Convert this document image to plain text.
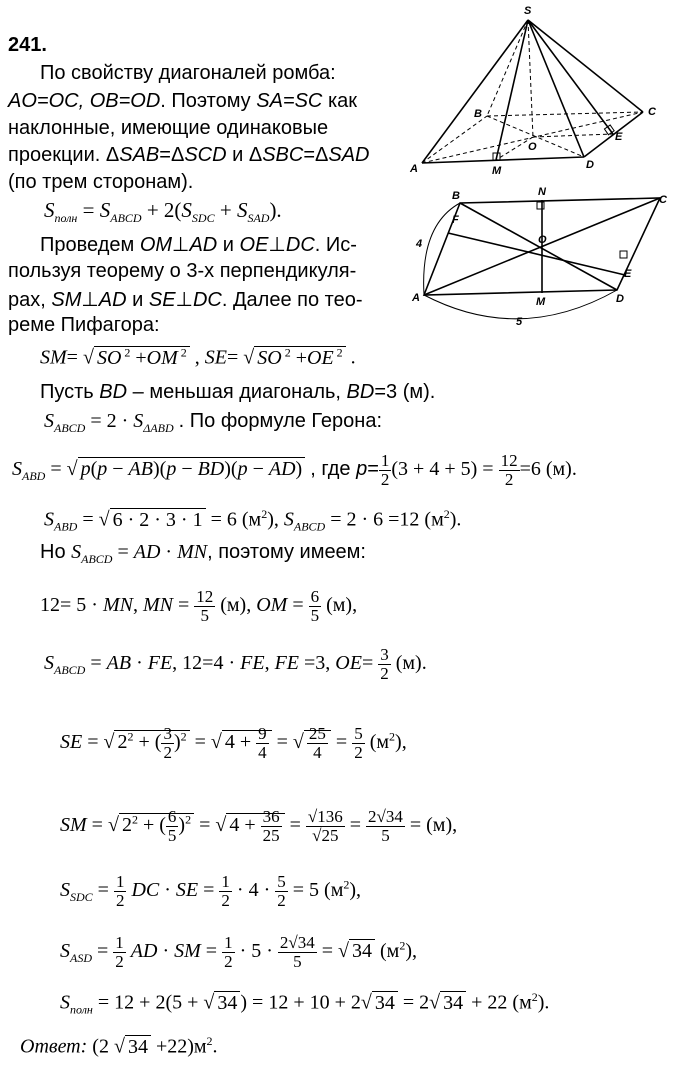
241.
По свойству диагоналей ромба:
AO=OC, OB=OD. Поэтому SA=SC как
наклонные, имеющие одинаковые
проекции. ΔSAB=ΔSCD и ΔSBC=ΔSAD
(по трем сторонам).
$S_{полн} = S_{ABCD} + 2(S_{SDC} + S_{SAD})$.
Проведем OM⊥AD и OE⊥DC. Ис-
пользуя теорему о 3-х перпендикуля-
рах, SM⊥AD и SE⊥DC. Далее по тео-
реме Пифагора:
SM= √ SO $^2$ +OM $^2$ , SE= √ SO $^2$ +OE $^2$ .
Пусть BD – меньшая диагональ, BD=3 (м).
$S_{ABCD} = 2 \cdot S_{\Delta ABD}$ . По формуле Герона:
$S_{ABD}$ = √ p(p − AB)(p − BD)(p − AD) , где $p= \frac{1}{2} (3 + 4 + 5) = \frac{12}{2} =6$ (м).
$S_{ABD}$ = √ 6 · 2 · 3 · 1 = 6 $(м^2)$, $S_{ABCD} = 2 \cdot 6 =12$ $(м^2)$.
Но $S_{ABCD}$ = AD · MN, поэтому имеем:
12= 5 · MN, MN = $\frac{12}{5} (м)$, OM = $\frac{6}{5} (м)$,
$S_{ABCD}$ = AB · FE, 12=4 · FE, FE =3, $OE= \frac{3}{2} (м)$.
SE = √ $2^2$ + ( $\frac{3}{2} )^2$ = √ $4 + \frac{9}{4}$ = √ $\frac{25}{4} = \frac{5}{2} (м^2)$,
SM = √ $2^2$ + ( $\frac{6}{5} )^2$ = √ $4 + \frac{36}{25} = \frac{√136}{√25} = \frac{2√34}{5} = (м)$,
$S_{SDC} = \frac{1}{2}$ DC · SE = $\frac{1}{2} \cdot 4 \cdot \frac{5}{2} = 5$ $(м^2)$,
$S_{ASD} = \frac{1}{2}$ AD · SM = $\frac{1}{2} \cdot 5 \cdot \frac{2√34}{5}$ = √ 34 $(м^2)$,
$S_{полн} = 12 + 2(5$ + √ 34 ) = 12 + 10 + 2√ 34 = 2√ 34 + 22 $(м^2)$.
Ответ: (2 √ $34 +22)м^2$.
S
B	C
O
E
A	M	D
B	N
C
F
4	O
E
A	M	D
5
